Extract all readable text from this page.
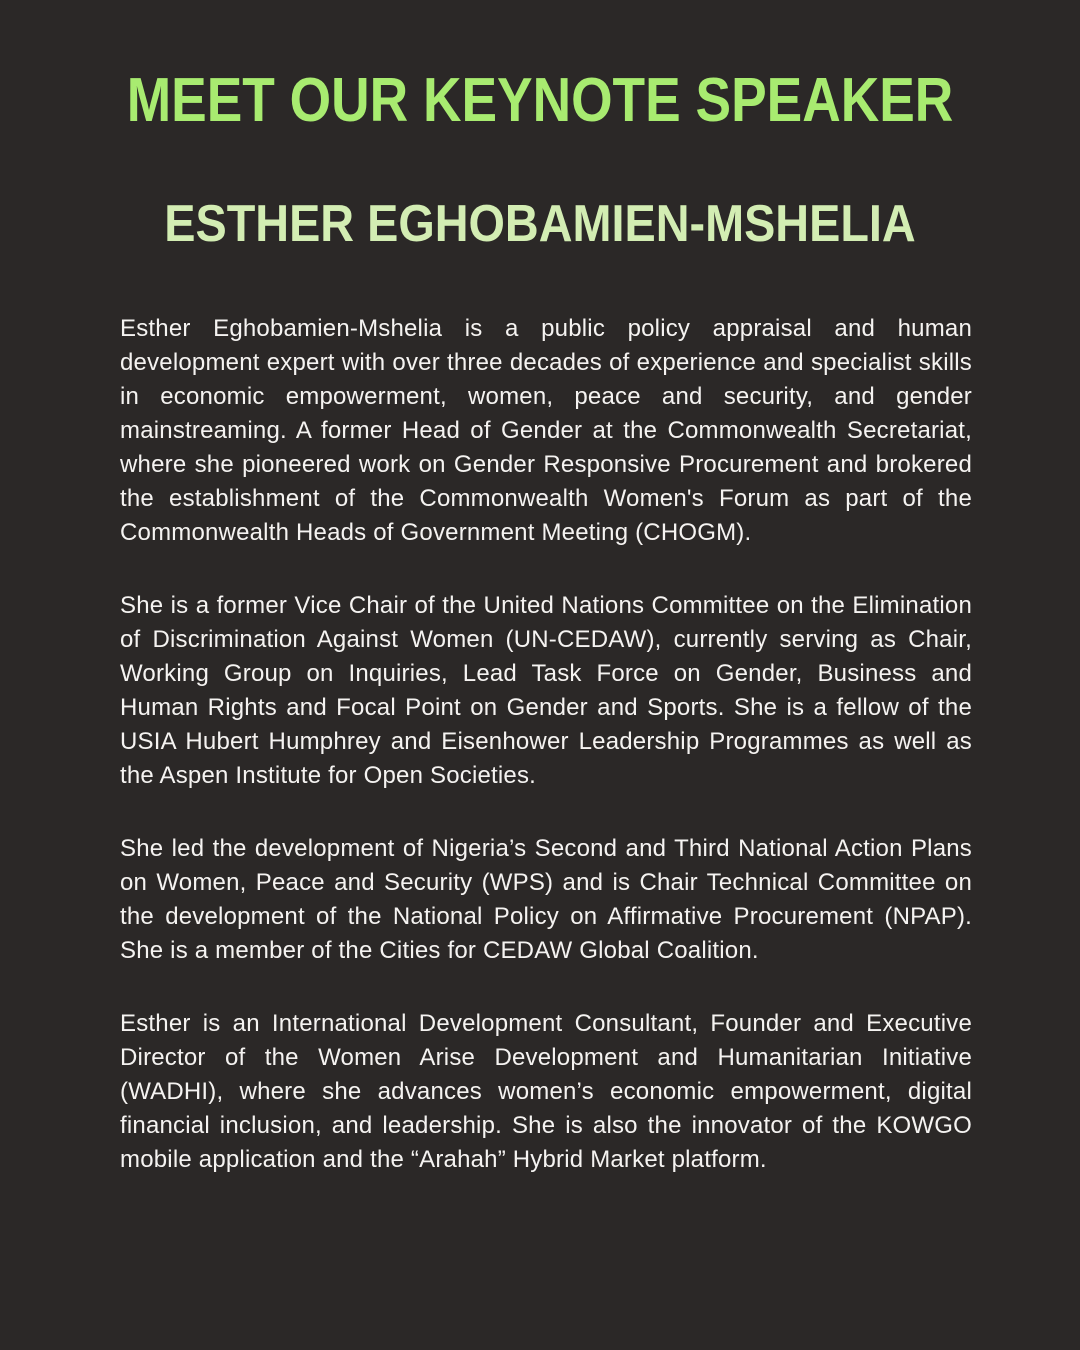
MEET OUR KEYNOTE SPEAKER
ESTHER EGHOBAMIEN-MSHELIA

Esther Eghobamien-Mshelia is a public policy appraisal and human development expert with over three decades of experience and specialist skills in economic empowerment, women, peace and security, and gender mainstreaming. A former Head of Gender at the Commonwealth Secretariat, where she pioneered work on Gender Responsive Procurement and brokered the establishment of the Commonwealth Women's Forum as part of the Commonwealth Heads of Government Meeting (CHOGM).

She is a former Vice Chair of the United Nations Committee on the Elimination of Discrimination Against Women (UN-CEDAW), currently serving as Chair, Working Group on Inquiries, Lead Task Force on Gender, Business and Human Rights and Focal Point on Gender and Sports. She is a fellow of the USIA Hubert Humphrey and Eisenhower Leadership Programmes as well as the Aspen Institute for Open Societies.

She led the development of Nigeria’s Second and Third National Action Plans on Women, Peace and Security (WPS) and is Chair Technical Committee on the development of the National Policy on Affirmative Procurement (NPAP). She is a member of the Cities for CEDAW Global Coalition.

Esther is an International Development Consultant, Founder and Executive Director of the Women Arise Development and Humanitarian Initiative (WADHI), where she advances women’s economic empowerment, digital financial inclusion, and leadership. She is also the innovator of the KOWGO mobile application and the “Arahah” Hybrid Market platform.
